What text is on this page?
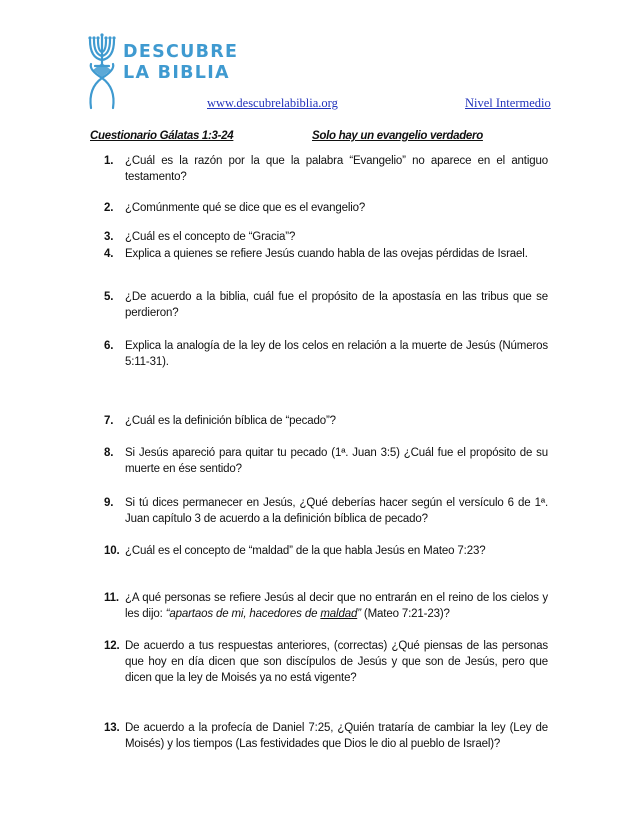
DESCUBRE
LA BIBLIA
www.descubrelabiblia.org	Nivel Intermedio
Cuestionario Gálatas 1:3-24	Solo hay un evangelio verdadero
1. ¿Cuál es la razón por la que la palabra “Evangelio” no aparece en el antiguo testamento?
2. ¿Comúnmente qué se dice que es el evangelio?
3. ¿Cuál es el concepto de “Gracia”?
4. Explica a quienes se refiere Jesús cuando habla de las ovejas pérdidas de Israel.
5. ¿De acuerdo a la biblia, cuál fue el propósito de la apostasía en las tribus que se perdieron?
6. Explica la analogía de la ley de los celos en relación a la muerte de Jesús (Números 5:11-31).
7. ¿Cuál es la definición bíblica de “pecado”?
8. Si Jesús apareció para quitar tu pecado (1ª. Juan 3:5) ¿Cuál fue el propósito de su muerte en ése sentido?
9. Si tú dices permanecer en Jesús, ¿Qué deberías hacer según el versículo 6 de 1ª. Juan capítulo 3 de acuerdo a la definición bíblica de pecado?
10. ¿Cuál es el concepto de “maldad” de la que habla Jesús en Mateo 7:23?
11. ¿A qué personas se refiere Jesús al decir que no entrarán en el reino de los cielos y les dijo: “apartaos de mi, hacedores de maldad” (Mateo 7:21-23)?
12. De acuerdo a tus respuestas anteriores, (correctas) ¿Qué piensas de las personas que hoy en día dicen que son discípulos de Jesús y que son de Jesús, pero que dicen que la ley de Moisés ya no está vigente?
13. De acuerdo a la profecía de Daniel 7:25, ¿Quién trataría de cambiar la ley (Ley de Moisés) y los tiempos (Las festividades que Dios le dio al pueblo de Israel)?
